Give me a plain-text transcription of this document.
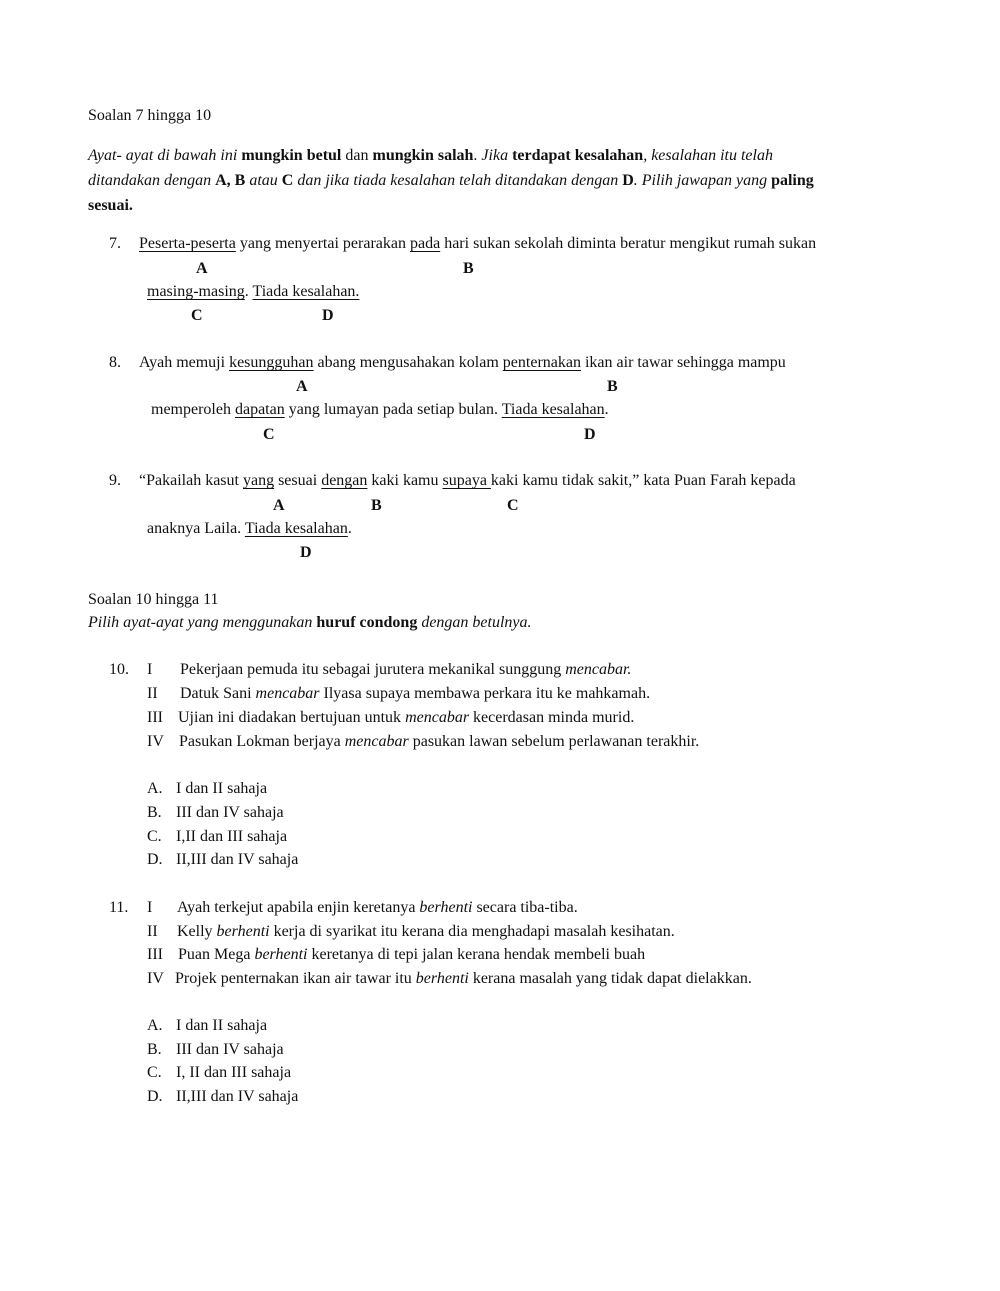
Soalan 7 hingga 10
Ayat- ayat di bawah ini mungkin betul dan mungkin salah. Jika terdapat kesalahan, kesalahan itu telah
ditandakan dengan A, B atau C dan jika tiada kesalahan telah ditandakan dengan D. Pilih jawapan yang paling
sesuai.
7. Peserta-peserta yang menyertai perarakan pada hari sukan sekolah diminta beratur mengikut rumah sukan
A	B
masing-masing. Tiada kesalahan.
C	D
8. Ayah memuji kesungguhan abang mengusahakan kolam penternakan ikan air tawar sehingga mampu
A	B
memperoleh dapatan yang lumayan pada setiap bulan. Tiada kesalahan.
C	D
9. “Pakailah kasut yang sesuai dengan kaki kamu supaya kaki kamu tidak sakit,” kata Puan Farah kepada
A	B	C
anaknya Laila. Tiada kesalahan.
D
Soalan 10 hingga 11
Pilih ayat-ayat yang menggunakan huruf condong dengan betulnya.
10. I Pekerjaan pemuda itu sebagai jurutera mekanikal sunggung mencabar.
II Datuk Sani mencabar Ilyasa supaya membawa perkara itu ke mahkamah.
III Ujian ini diadakan bertujuan untuk mencabar kecerdasan minda murid.
IV Pasukan Lokman berjaya mencabar pasukan lawan sebelum perlawanan terakhir.
A. I dan II sahaja
B. III dan IV sahaja
C. I,II dan III sahaja
D. II,III dan IV sahaja
11. I Ayah terkejut apabila enjin keretanya berhenti secara tiba-tiba.
II Kelly berhenti kerja di syarikat itu kerana dia menghadapi masalah kesihatan.
III Puan Mega berhenti keretanya di tepi jalan kerana hendak membeli buah
IV Projek penternakan ikan air tawar itu berhenti kerana masalah yang tidak dapat dielakkan.
A. I dan II sahaja
B. III dan IV sahaja
C. I, II dan III sahaja
D. II,III dan IV sahaja
